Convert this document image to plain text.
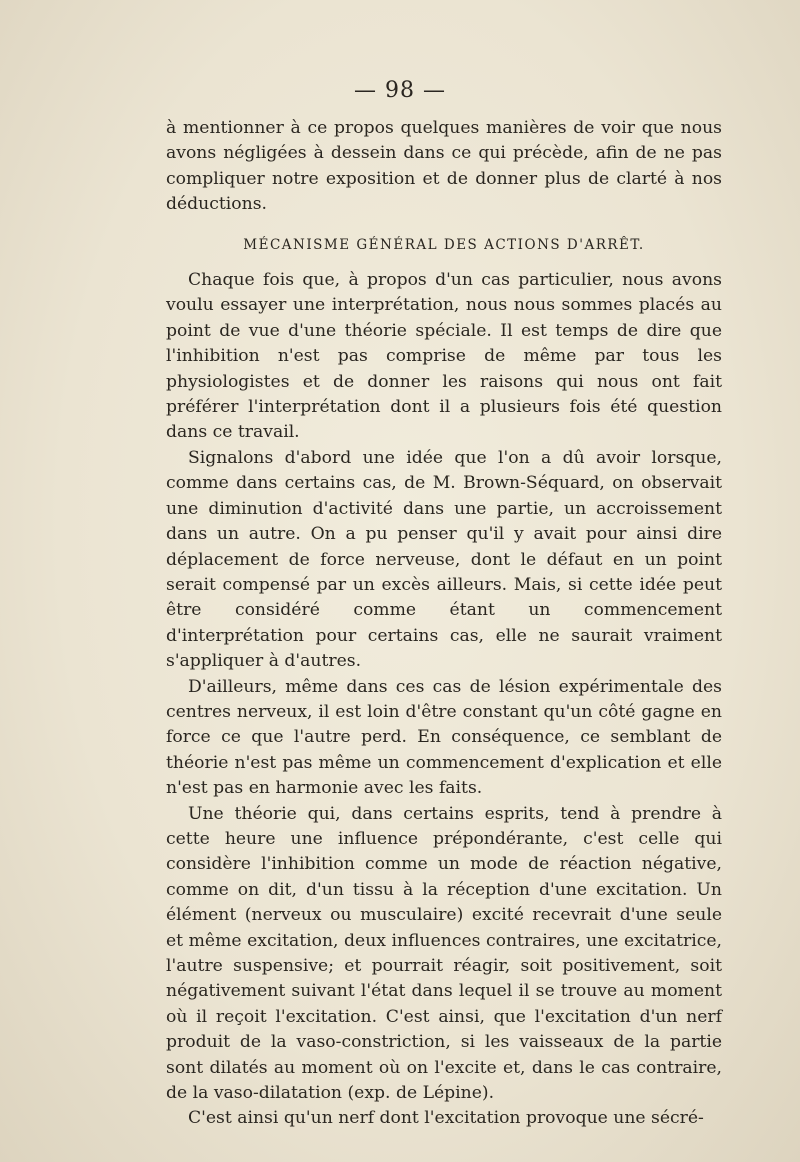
— 98 —

à mentionner à ce propos quelques manières de voir que nous avons négligées à dessein dans ce qui précède, afin de ne pas compliquer notre exposition et de donner plus de clarté à nos déductions.

MÉCANISME GÉNÉRAL DES ACTIONS D'ARRÊT.

Chaque fois que, à propos d'un cas particulier, nous avons voulu essayer une interprétation, nous nous sommes placés au point de vue d'une théorie spéciale. Il est temps de dire que l'inhibition n'est pas comprise de même par tous les physiologistes et de donner les raisons qui nous ont fait préférer l'interprétation dont il a plusieurs fois été question dans ce travail.

Signalons d'abord une idée que l'on a dû avoir lorsque, comme dans certains cas, de M. Brown-Séquard, on observait une diminution d'activité dans une partie, un accroissement dans un autre. On a pu penser qu'il y avait pour ainsi dire déplacement de force nerveuse, dont le défaut en un point serait compensé par un excès ailleurs. Mais, si cette idée peut être considéré comme étant un commencement d'interprétation pour certains cas, elle ne saurait vraiment s'appliquer à d'autres.

D'ailleurs, même dans ces cas de lésion expérimentale des centres nerveux, il est loin d'être constant qu'un côté gagne en force ce que l'autre perd. En conséquence, ce semblant de théorie n'est pas même un commencement d'explication et elle n'est pas en harmonie avec les faits.

Une théorie qui, dans certains esprits, tend à prendre à cette heure une influence prépondérante, c'est celle qui considère l'inhibition comme un mode de réaction négative, comme on dit, d'un tissu à la réception d'une excitation. Un élément (nerveux ou musculaire) excité recevrait d'une seule et même excitation, deux influences contraires, une excitatrice, l'autre suspensive; et pourrait réagir, soit positivement, soit négativement suivant l'état dans lequel il se trouve au moment où il reçoit l'excitation. C'est ainsi, que l'excitation d'un nerf produit de la vaso-constriction, si les vaisseaux de la partie sont dilatés au moment où on l'excite et, dans le cas contraire, de la vaso-dilatation (exp. de Lépine).

C'est ainsi qu'un nerf dont l'excitation provoque une sécré-
